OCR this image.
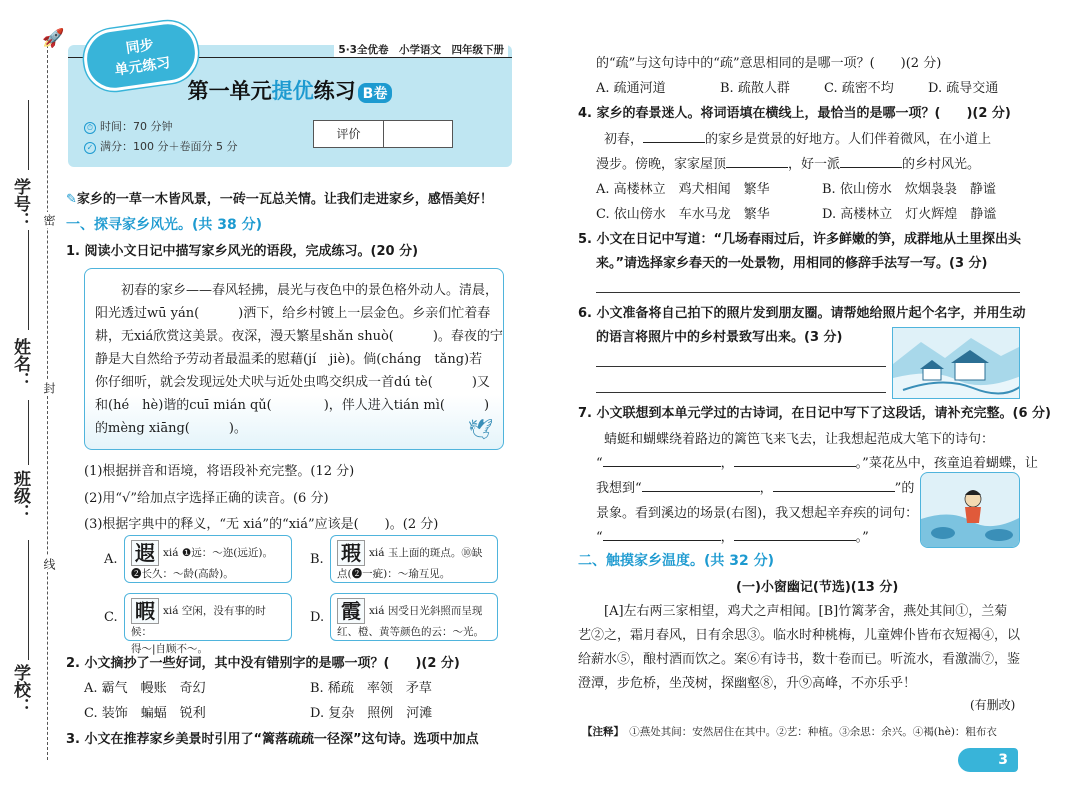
🚀
学号：
姓名：
班级：
学校：
密
封
线
5·3全优卷　小学语文　四年级下册
同步
单元练习
第一单元提优练习 B卷
⏱ 时间：70 分钟
✓ 满分：100 分＋卷面分 5 分
评价
✎家乡的一草一木皆风景，一砖一瓦总关情。让我们走进家乡，感悟美好！
一、探寻家乡风光。(共 38 分)
1. 阅读小文日记中描写家乡风光的语段，完成练习。(20 分)
　　初春的家乡——春风轻拂，晨光与夜色中的景色格外动人。清晨，
阳光透过wū yán(　　　)洒下，给乡村镀上一层金色。乡亲们忙着春
耕，无xiá欣赏这美景。夜深，漫天繁星shǎn shuò(　　　)。春夜的宁
静是大自然给予劳动者最温柔的慰藉(jí　jiè)。倘(cháng　tǎng)若
你仔细听，就会发现远处犬吠与近处虫鸣交织成一首dú tè(　　　)又
和(hé　hè)谐的cuī mián qǔ(　　　　)，伴人进入tián mì(　　　)
的mèng xiāng(　　　)。	🕊
(1)根据拼音和语境，将语段补充完整。(12 分)
(2)用“√”给加点字选择正确的读音。(6 分)
(3)根据字典中的释义，“无 xiá”的“xiá”应该是(　　)。(2 分)
A. 遐 xiá ❶远：～迩(远近)。
❷长久：～龄(高龄)。
B. 瑕 xiá 玉上面的斑点。⑩缺
点(❷一疵)：～瑜互见。
C. 暇 xiá 空闲，没有事的时候：
得～|自顾不～。
D. 霞 xiá 因受日光斜照而呈现
红、橙、黄等颜色的云：～光。
2. 小文摘抄了一些好词，其中没有错别字的是哪一项？(　　)(2 分)
A. 霸气　幔账　奇幻	B. 稀疏　率领　矛草
C. 装饰　蝙蝠　锐利	D. 复杂　照例　河滩
3. 小文在推荐家乡美景时引用了“篱落疏疏一径深”这句诗。选项中加点
的“疏”与这句诗中的“疏”意思相同的是哪一项？(　　)(2 分)
A. 疏通河道	B. 疏散人群	C. 疏密不均	D. 疏导交通
4. 家乡的春景迷人。将词语填在横线上，最恰当的是哪一项？(　　)(2 分)
　　初春，	的家乡是赏景的好地方。人们伴着微风，在小道上
漫步。傍晚，家家屋顶	，好一派	的乡村风光。
A. 高楼林立　鸡犬相闻　繁华	B. 依山傍水　炊烟袅袅　静谧
C. 依山傍水　车水马龙　繁华	D. 高楼林立　灯火辉煌　静谧
5. 小文在日记中写道：“几场春雨过后，许多鲜嫩的笋，成群地从土里探出头
来。”请选择家乡春天的一处景物，用相同的修辞手法写一写。(3 分)
6. 小文准备将自己拍下的照片发到朋友圈。请帮她给照片起个名字，并用生动
的语言将照片中的乡村景致写出来。(3 分)
7. 小文联想到本单元学过的古诗词，在日记中写下了这段话，请补充完整。(6 分)
　　蜻蜓和蝴蝶绕着路边的篱笆飞来飞去，让我想起范成大笔下的诗句：
“	，	。”菜花丛中，孩童追着蝴蝶，让
我想到“	，	”的
景象。看到溪边的场景(右图)，我又想起辛弃疾的词句：
“	，	。”
二、触摸家乡温度。(共 32 分)
(一)小窗幽记(节选)(13 分)
　　[A]左右两三家相望，鸡犬之声相闻。[B]竹篱茅舍，燕处其间①，兰菊
艺②之，霜月春风，日有余思③。临水时种桃梅，儿童婢仆皆布衣短褐④，以
给薪水⑤，酿村酒而饮之。案⑥有诗书，数十卷而已。听流水，看激湍⑦，鉴
澄潭，步危桥，坐茂树，探幽壑⑧，升⑨高峰，不亦乐乎！
(有删改)
【注释】　 ①燕处其间：安然居住在其中。②艺：种植。③余思：余兴。④褐(hè)：粗布衣
3
